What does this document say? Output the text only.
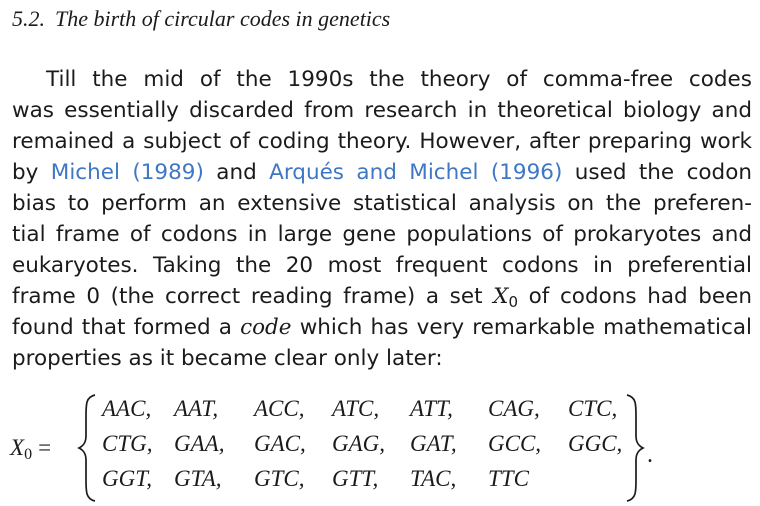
5.2. The birth of circular codes in genetics
Till the mid of the 1990s the theory of comma-free codes
was essentially discarded from research in theoretical biology and
remained a subject of coding theory. However, after preparing work
by Michel (1989) and Arqués and Michel (1996) used the codon
bias to perform an extensive statistical analysis on the preferen-
tial frame of codons in large gene populations of prokaryotes and
eukaryotes. Taking the 20 most frequent codons in preferential
frame 0 (the correct reading frame) a set $X_0$ of codons had been
found that formed a code which has very remarkable mathematical
properties as it became clear only later:
X0 =
AAC, AAT, ACC, ATC, ATT, CAG, CTC,
CTG, GAA, GAC, GAG, GAT, GCC, GGC,
GGT, GTA, GTC, GTT, TAC, TTC
.
